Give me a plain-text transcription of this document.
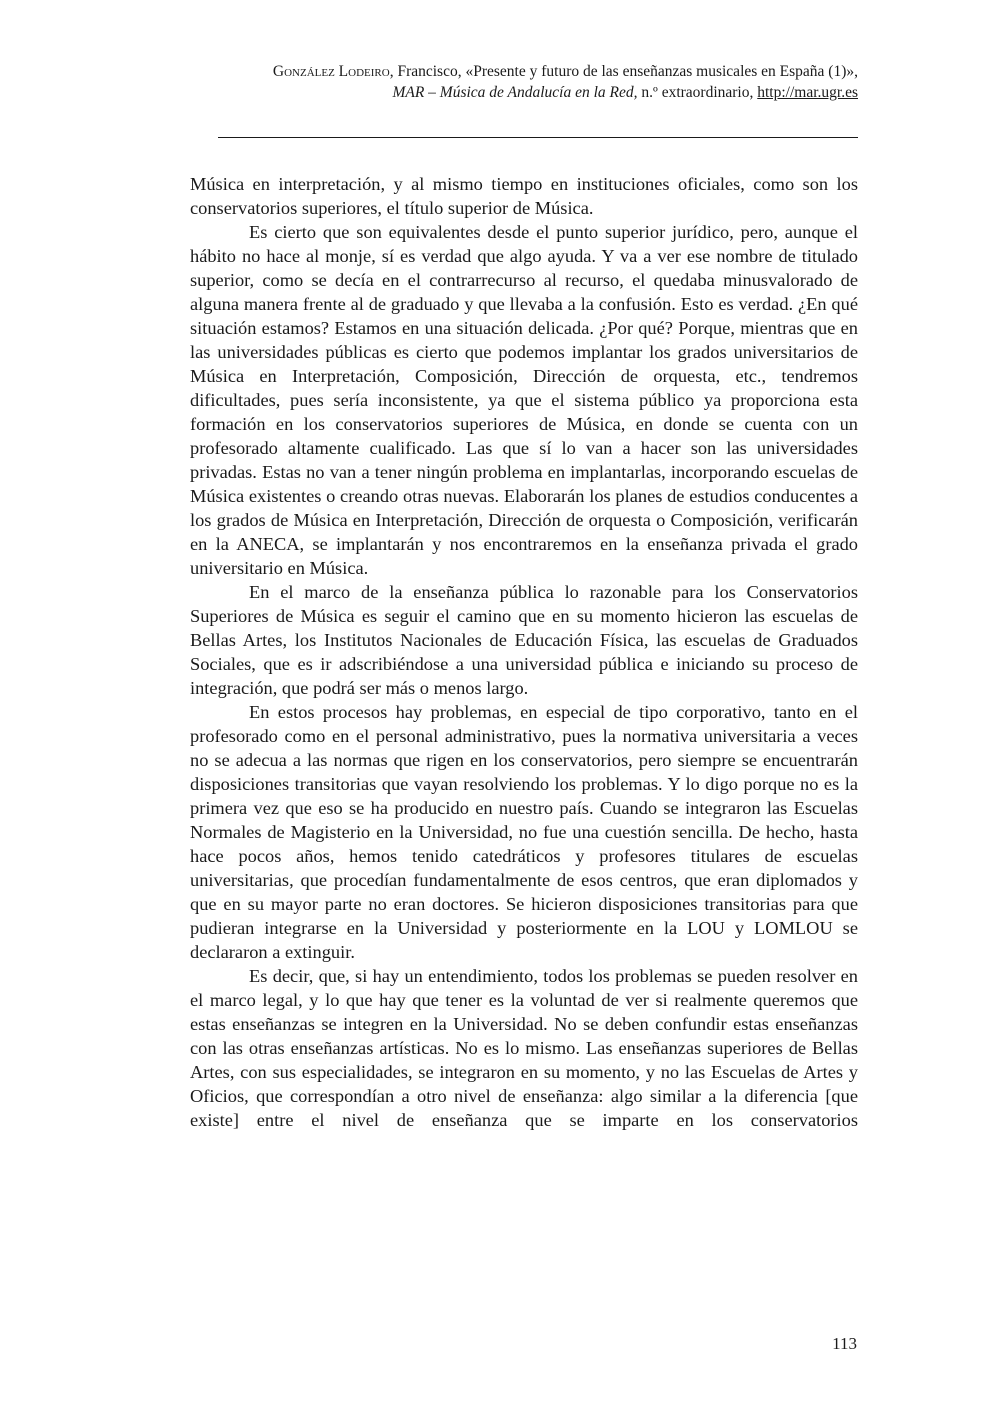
González Lodeiro, Francisco, «Presente y futuro de las enseñanzas musicales en España (1)»,
MAR – Música de Andalucía en la Red, n.º extraordinario, http://mar.ugr.es

Música en interpretación, y al mismo tiempo en instituciones oficiales, como son los conservatorios superiores, el título superior de Música.

Es cierto que son equivalentes desde el punto superior jurídico, pero, aunque el hábito no hace al monje, sí es verdad que algo ayuda. Y va a ver ese nombre de titulado superior, como se decía en el contrarrecurso al recurso, el quedaba minusvalorado de alguna manera frente al de graduado y que llevaba a la confusión. Esto es verdad. ¿En qué situación estamos? Estamos en una situación delicada. ¿Por qué? Porque, mientras que en las universidades públicas es cierto que podemos implantar los grados universitarios de Música en Interpretación, Composición, Dirección de orquesta, etc., tendremos dificultades, pues sería inconsistente, ya que el sistema público ya proporciona esta formación en los conservatorios superiores de Música, en donde se cuenta con un profesorado altamente cualificado. Las que sí lo van a hacer son las universidades privadas. Estas no van a tener ningún problema en implantarlas, incorporando escuelas de Música existentes o creando otras nuevas. Elaborarán los planes de estudios conducentes a los grados de Música en Interpretación, Dirección de orquesta o Composición, verificarán en la ANECA, se implantarán y nos encontraremos en la enseñanza privada el grado universitario en Música.

En el marco de la enseñanza pública lo razonable para los Conservatorios Superiores de Música es seguir el camino que en su momento hicieron las escuelas de Bellas Artes, los Institutos Nacionales de Educación Física, las escuelas de Graduados Sociales, que es ir adscribiéndose a una universidad pública e iniciando su proceso de integración, que podrá ser más o menos largo.

En estos procesos hay problemas, en especial de tipo corporativo, tanto en el profesorado como en el personal administrativo, pues la normativa universitaria a veces no se adecua a las normas que rigen en los conservatorios, pero siempre se encuentrarán disposiciones transitorias que vayan resolviendo los problemas. Y lo digo porque no es la primera vez que eso se ha producido en nuestro país. Cuando se integraron las Escuelas Normales de Magisterio en la Universidad, no fue una cuestión sencilla. De hecho, hasta hace pocos años, hemos tenido catedráticos y profesores titulares de escuelas universitarias, que procedían fundamentalmente de esos centros, que eran diplomados y que en su mayor parte no eran doctores. Se hicieron disposiciones transitorias para que pudieran integrarse en la Universidad y posteriormente en la LOU y LOMLOU se declararon a extinguir.

Es decir, que, si hay un entendimiento, todos los problemas se pueden resolver en el marco legal, y lo que hay que tener es la voluntad de ver si realmente queremos que estas enseñanzas se integren en la Universidad. No se deben confundir estas enseñanzas con las otras enseñanzas artísticas. No es lo mismo. Las enseñanzas superiores de Bellas Artes, con sus especialidades, se integraron en su momento, y no las Escuelas de Artes y Oficios, que correspondían a otro nivel de enseñanza: algo similar a la diferencia [que existe] entre el nivel de enseñanza que se imparte en los conservatorios

113
